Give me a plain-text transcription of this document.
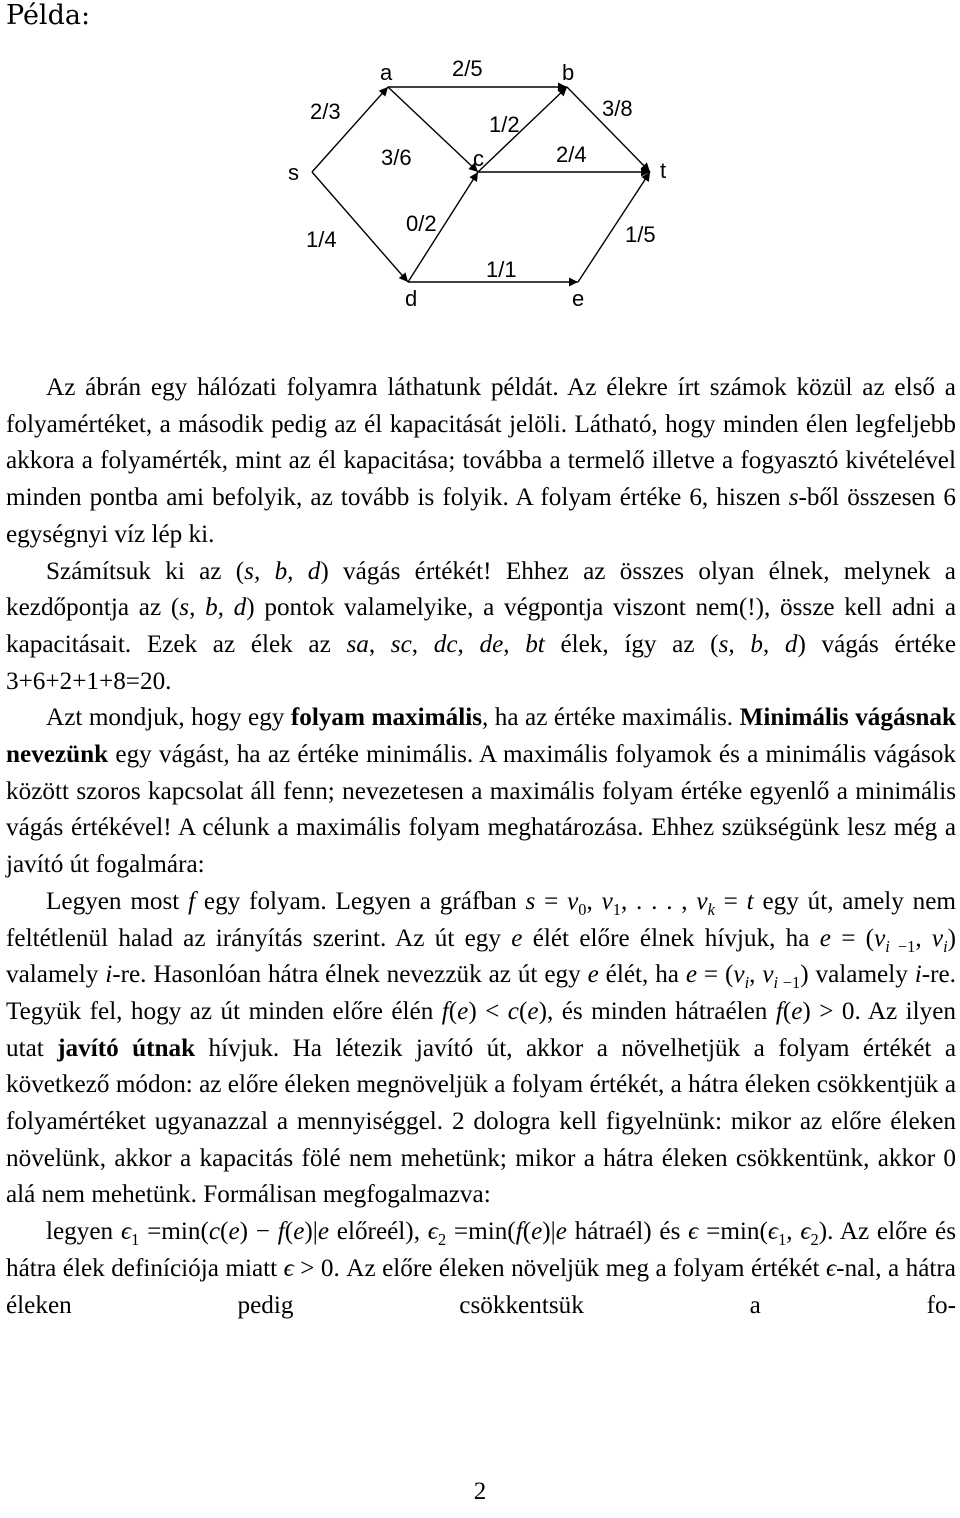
Példa:
s
a	b
c
d	e
t
2/3
2/5
3/8
3/6
1/2
2/4
1/4
0/2
1/1
1/5

Az ábrán egy hálózati folyamra láthatunk példát. Az élekre írt számok közül az első a folyamértéket, a második pedig az él kapacitását jelöli. Látható, hogy minden élen legfeljebb akkora a folyamérték, mint az él kapacitása; továbba a termelő illetve a fogyasztó kivételével minden pontba ami befolyik, az tovább is folyik. A folyam értéke 6, hiszen s-ből összesen 6 egységnyi víz lép ki.

Számítsuk ki az (s, b, d) vágás értékét! Ehhez az összes olyan élnek, melynek a kezdőpontja az (s, b, d) pontok valamelyike, a végpontja viszont nem(!), össze kell adni a kapacitásait. Ezek az élek az sa, sc, dc, de, bt élek, így az (s, b, d) vágás értéke 3+6+2+1+8=20.

Azt mondjuk, hogy egy folyam maximális, ha az értéke maximális. Minimális vágásnak nevezünk egy vágást, ha az értéke minimális. A maximális folyamok és a minimális vágások között szoros kapcsolat áll fenn; nevezetesen a maximális folyam értéke egyenlő a minimális vágás értékével! A célunk a maximális folyam meghatározása. Ehhez szükségünk lesz még a javító út fogalmára:

Legyen most f egy folyam. Legyen a gráfban $s = v_0$, $v_1$, . . . , $v_k = t$ egy út, amely nem feltétlenül halad az irányítás szerint. Az út egy e élét előre élnek hívjuk, ha $e = (v_{i -1}$, $v_i$) valamely i-re. Hasonlóan hátra élnek nevezzük az út egy e élét, ha $e = (v_i$, $v_{i -1}$) valamely i-re. Tegyük fel, hogy az út minden előre élén f(e) < c(e), és minden hátraélen f(e) > 0. Az ilyen utat javító útnak hívjuk. Ha létezik javító út, akkor a növelhetjük a folyam értékét a következő módon: az előre éleken megnöveljük a folyam értékét, a hátra éleken csökkentjük a folyamértéket ugyanazzal a mennyiséggel. 2 dologra kell figyelnünk: mikor az előre éleken növelünk, akkor a kapacitás fölé nem mehetünk; mikor a hátra éleken csökkentünk, akkor 0 alá nem mehetünk. Formálisan megfogalmazva:

legyen $\epsilon_1 =\min(c(e) - f(e)|e$ előreél), $\epsilon_2 =\min(f(e)|e$ hátraél) és $\epsilon =\min(\epsilon_1$, $\epsilon_2$). Az előre és hátra élek definíciója miatt ϵ > 0. Az előre éleken növeljük meg a folyam értékét ϵ-nal, a hátra éleken pedig csökkentsük a fo-

2
